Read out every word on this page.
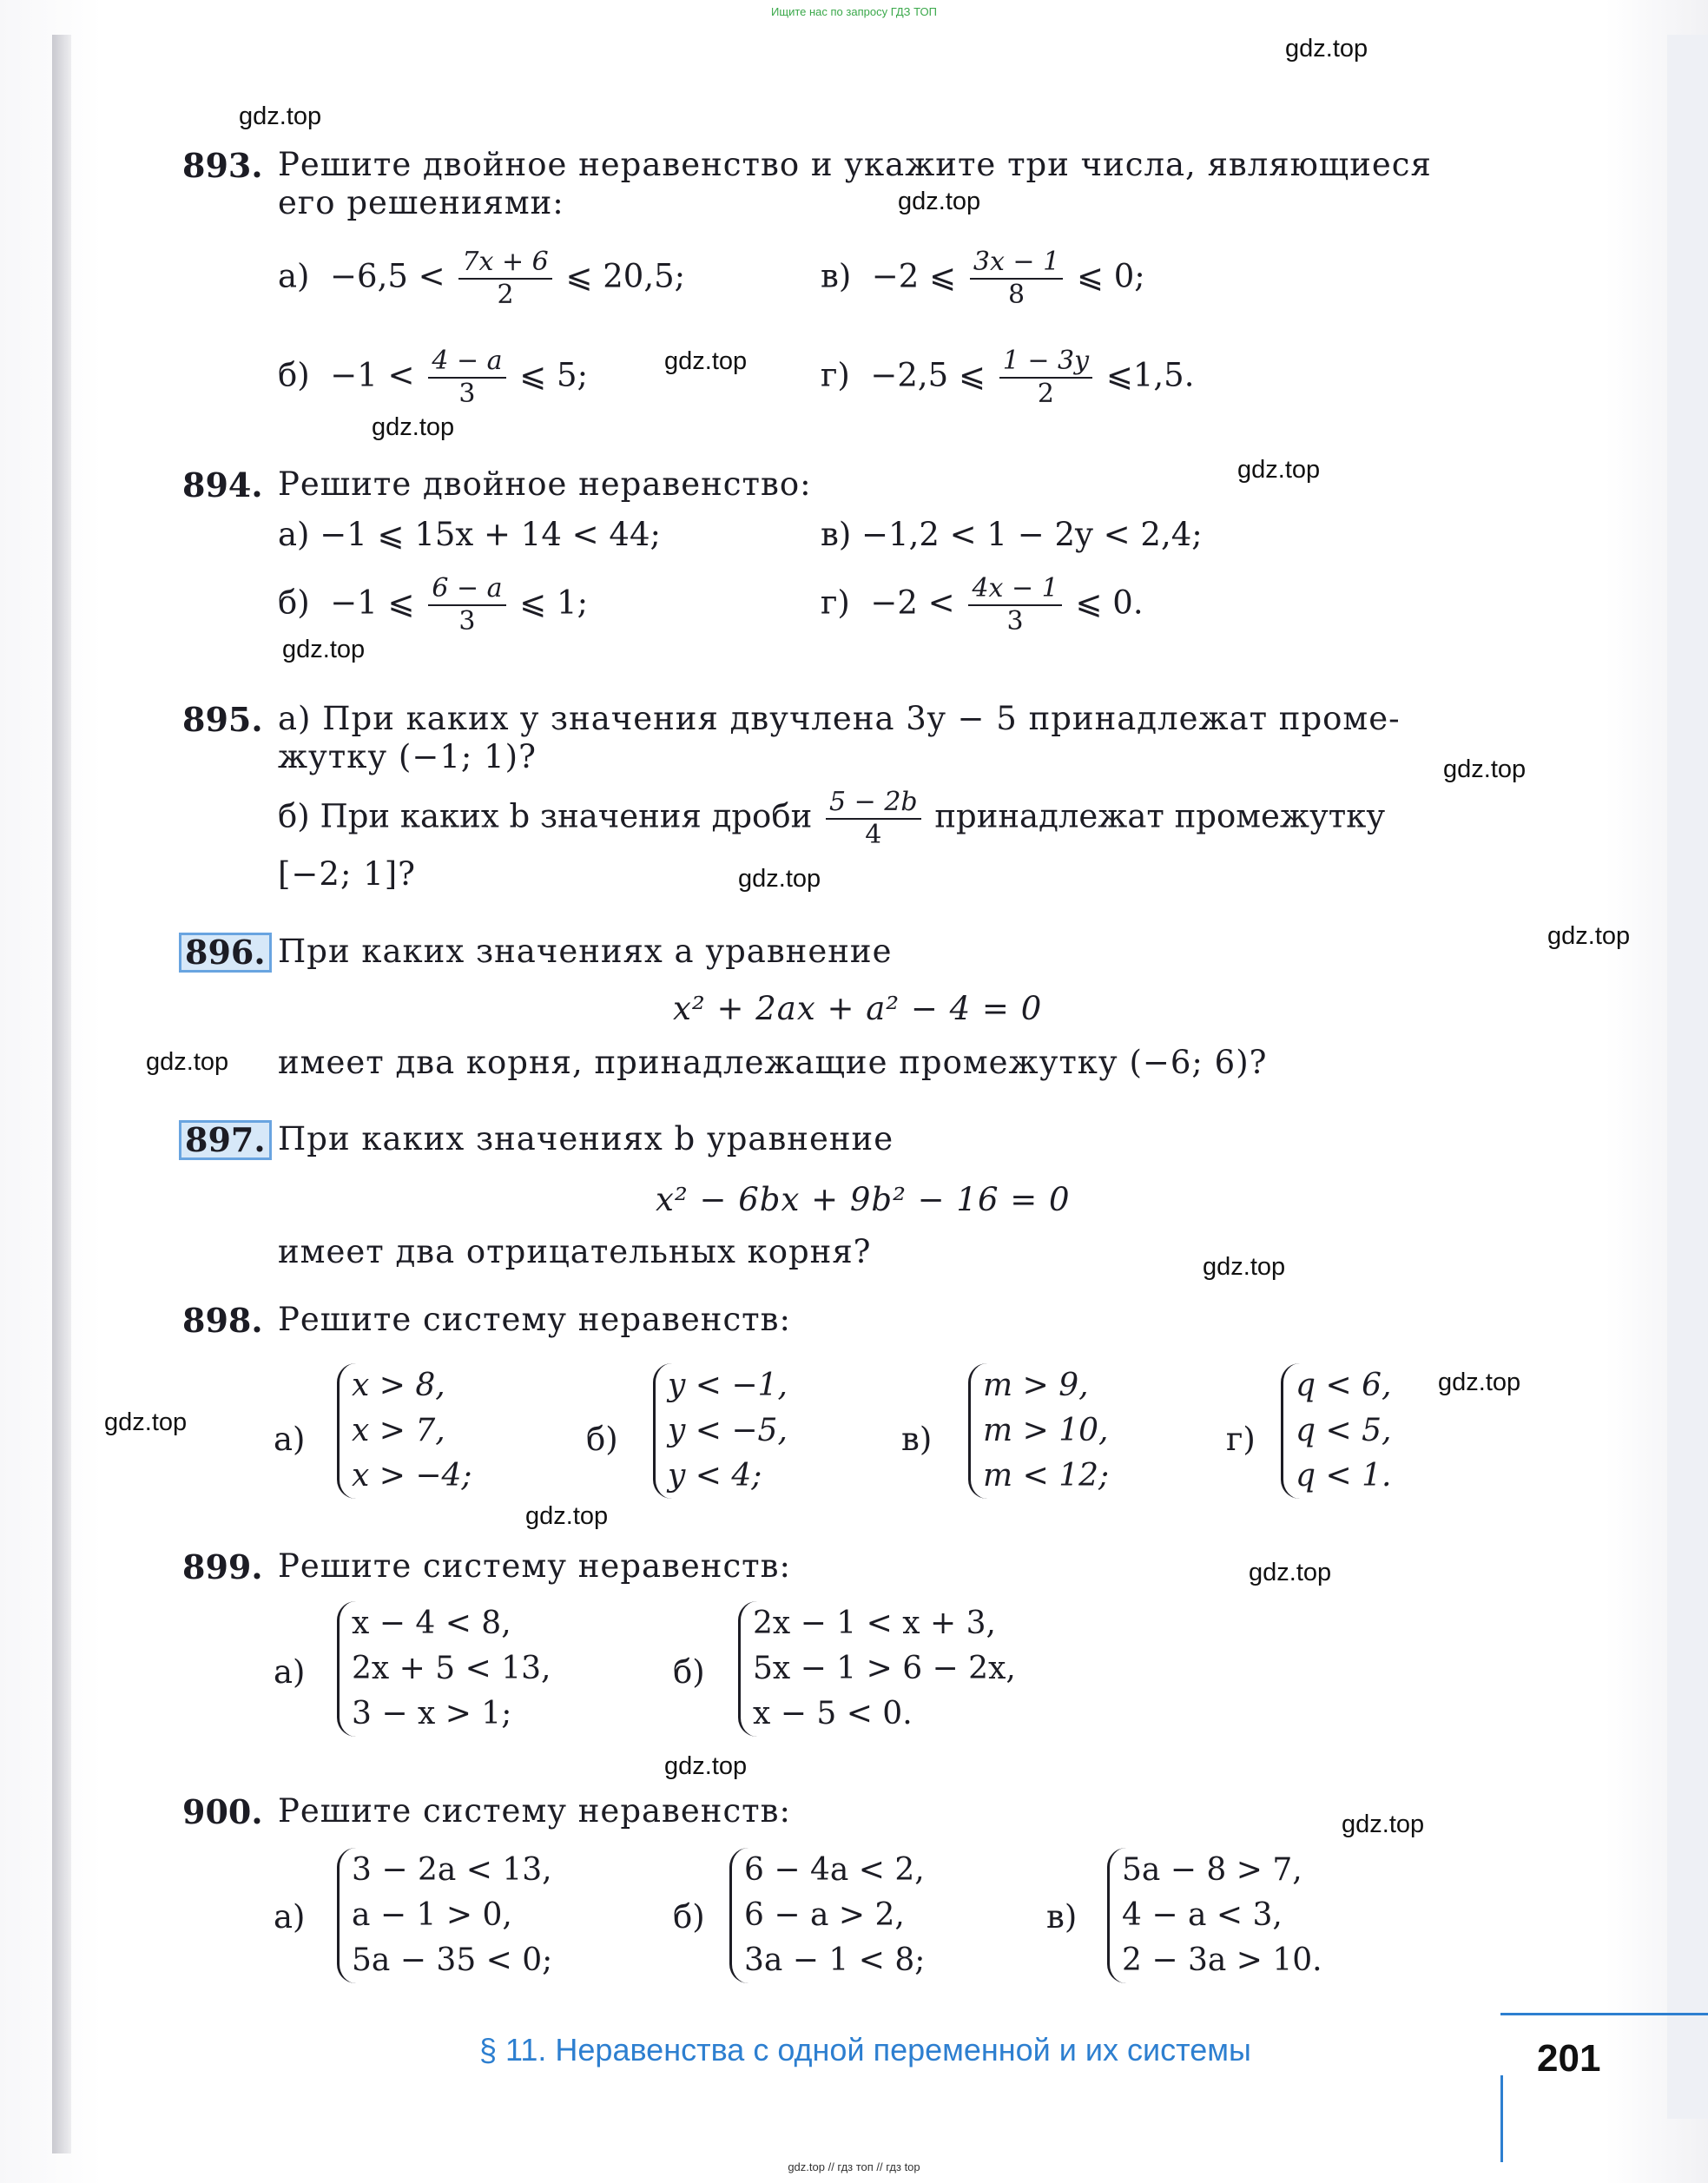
Ищите нас по запросу ГДЗ ТОП
gdz.top
gdz.top
gdz.top
gdz.top
gdz.top
gdz.top
gdz.top
gdz.top
gdz.top
gdz.top
gdz.top
gdz.top
gdz.top
gdz.top
gdz.top
gdz.top
gdz.top
gdz.top
893. Решите двойное неравенство и укажите три числа, являющиеся
его решениями:
$а) -6,5 < \frac{7x + 6}{2}$ ⩽ 20,5;	в) −2 ⩽ $\frac{3x - 1}{8}$ ⩽ 0;
$б) -1 < \frac{4 - a}{3}$ ⩽ 5;	г) −2,5 ⩽ $\frac{1 - 3y}{2}$ ⩽1,5.
894. Решите двойное неравенство:
а) −1 ⩽ 15x + 14 < 44;	в) −1,2 < 1 − 2y < 2,4;
б) −1 ⩽ $\frac{6 - a}{3}$ ⩽ 1;	$г) -2 < \frac{4x - 1}{3}$ ⩽ 0.
895. а) При каких y значения двучлена 3y − 5 принадлежат проме-
жутку (−1; 1)?
б) При каких b значения дроби $\frac{5 - 2b}{4}$ принадлежат промежутку
[−2; 1]?
896. При каких значениях a уравнение
x² + 2ax + a² − 4 = 0
имеет два корня, принадлежащие промежутку (−6; 6)?
897. При каких значениях b уравнение
x² − 6bx + 9b² − 16 = 0
имеет два отрицательных корня?
898. Решите систему неравенств:
а)
x > 8,
x > 7,
x > −4;
б)
y < −1,
y < −5,
y < 4;
в)
m > 9,
m > 10,
m < 12;
г)
q < 6,
q < 5,
q < 1.
899. Решите систему неравенств:
а)
x − 4 < 8,
2x + 5 < 13,
3 − x > 1;
б)
2x − 1 < x + 3,
5x − 1 > 6 − 2x,
x − 5 < 0.
900. Решите систему неравенств:
а)
3 − 2a < 13,
a − 1 > 0,
5a − 35 < 0;
б)
6 − 4a < 2,
6 − a > 2,
3a − 1 < 8;
в)
5a − 8 > 7,
4 − a < 3,
2 − 3a > 10.
§ 11. Неравенства с одной переменной и их системы	201
gdz.top // гдз топ // гдз top
